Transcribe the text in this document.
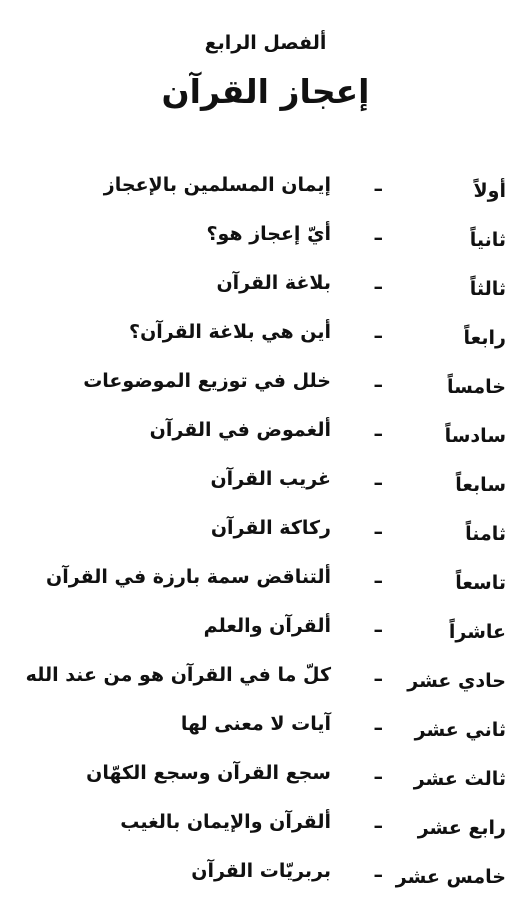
ألفصل الرابع
إعجاز القرآن
أولاً
–
إيمان المسلمين بالإعجاز
ثانياً
–
أيّ إعجاز هو؟
ثالثاً
–
بلاغة القرآن
رابعاً
–
أين هي بلاغة القرآن؟
خامساً
–
خلل في توزيع الموضوعات
سادساً
–
ألغموض في القرآن
سابعاً
–
غريب القرآن
ثامناً
–
ركاكة القرآن
تاسعاً
–
ألتناقض سمة بارزة في القرآن
عاشراً
–
ألقرآن والعلم
حادي عشر
–
كلّ ما في القرآن هو من عند الله
ثاني عشر
–
آيات لا معنى لها
ثالث عشر
–
سجع القرآن وسجع الكهّان
رابع عشر
–
ألقرآن والإيمان بالغيب
خامس عشر
–
بربريّات القرآن
